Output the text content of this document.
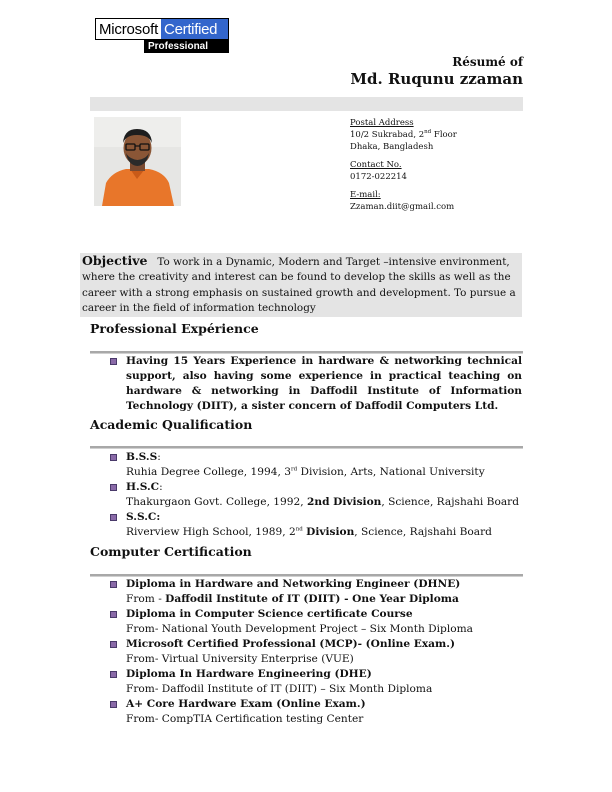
Microsoft Certified
Professional
Résumé of
Md. Ruqunu zzaman
Postal Address
10/2 Sukrabad, 2nd Floor
Dhaka, Bangladesh
Contact No.
0172-022214
E-mail:
Zzaman.diit@gmail.com
Objective To work in a Dynamic, Modern and Target –intensive environment, where the creativity and interest can be found to develop the skills as well as the career with a strong emphasis on sustained growth and development. To pursue a career in the field of information technology
Professional Expérience
Having 15 Years Experience in hardware & networking technical support, also having some experience in practical teaching on hardware & networking in Daffodil Institute of Information Technology (DIIT), a sister concern of Daffodil Computers Ltd.
Academic Qualification
B.S.S:
Ruhia Degree College, 1994, 3rd Division, Arts, National University
H.S.C:
Thakurgaon Govt. College, 1992, 2nd Division, Science, Rajshahi Board
S.S.C:
Riverview High School, 1989, 2nd Division, Science, Rajshahi Board
Computer Certification
Diploma in Hardware and Networking Engineer (DHNE)
From - Daffodil Institute of IT (DIIT) - One Year Diploma
Diploma in Computer Science certificate Course
From- National Youth Development Project – Six Month Diploma
Microsoft Certified Professional (MCP)- (Online Exam.)
From- Virtual University Enterprise (VUE)
Diploma In Hardware Engineering (DHE)
From- Daffodil Institute of IT (DIIT) – Six Month Diploma
A+ Core Hardware Exam (Online Exam.)
From- CompTIA Certification testing Center
